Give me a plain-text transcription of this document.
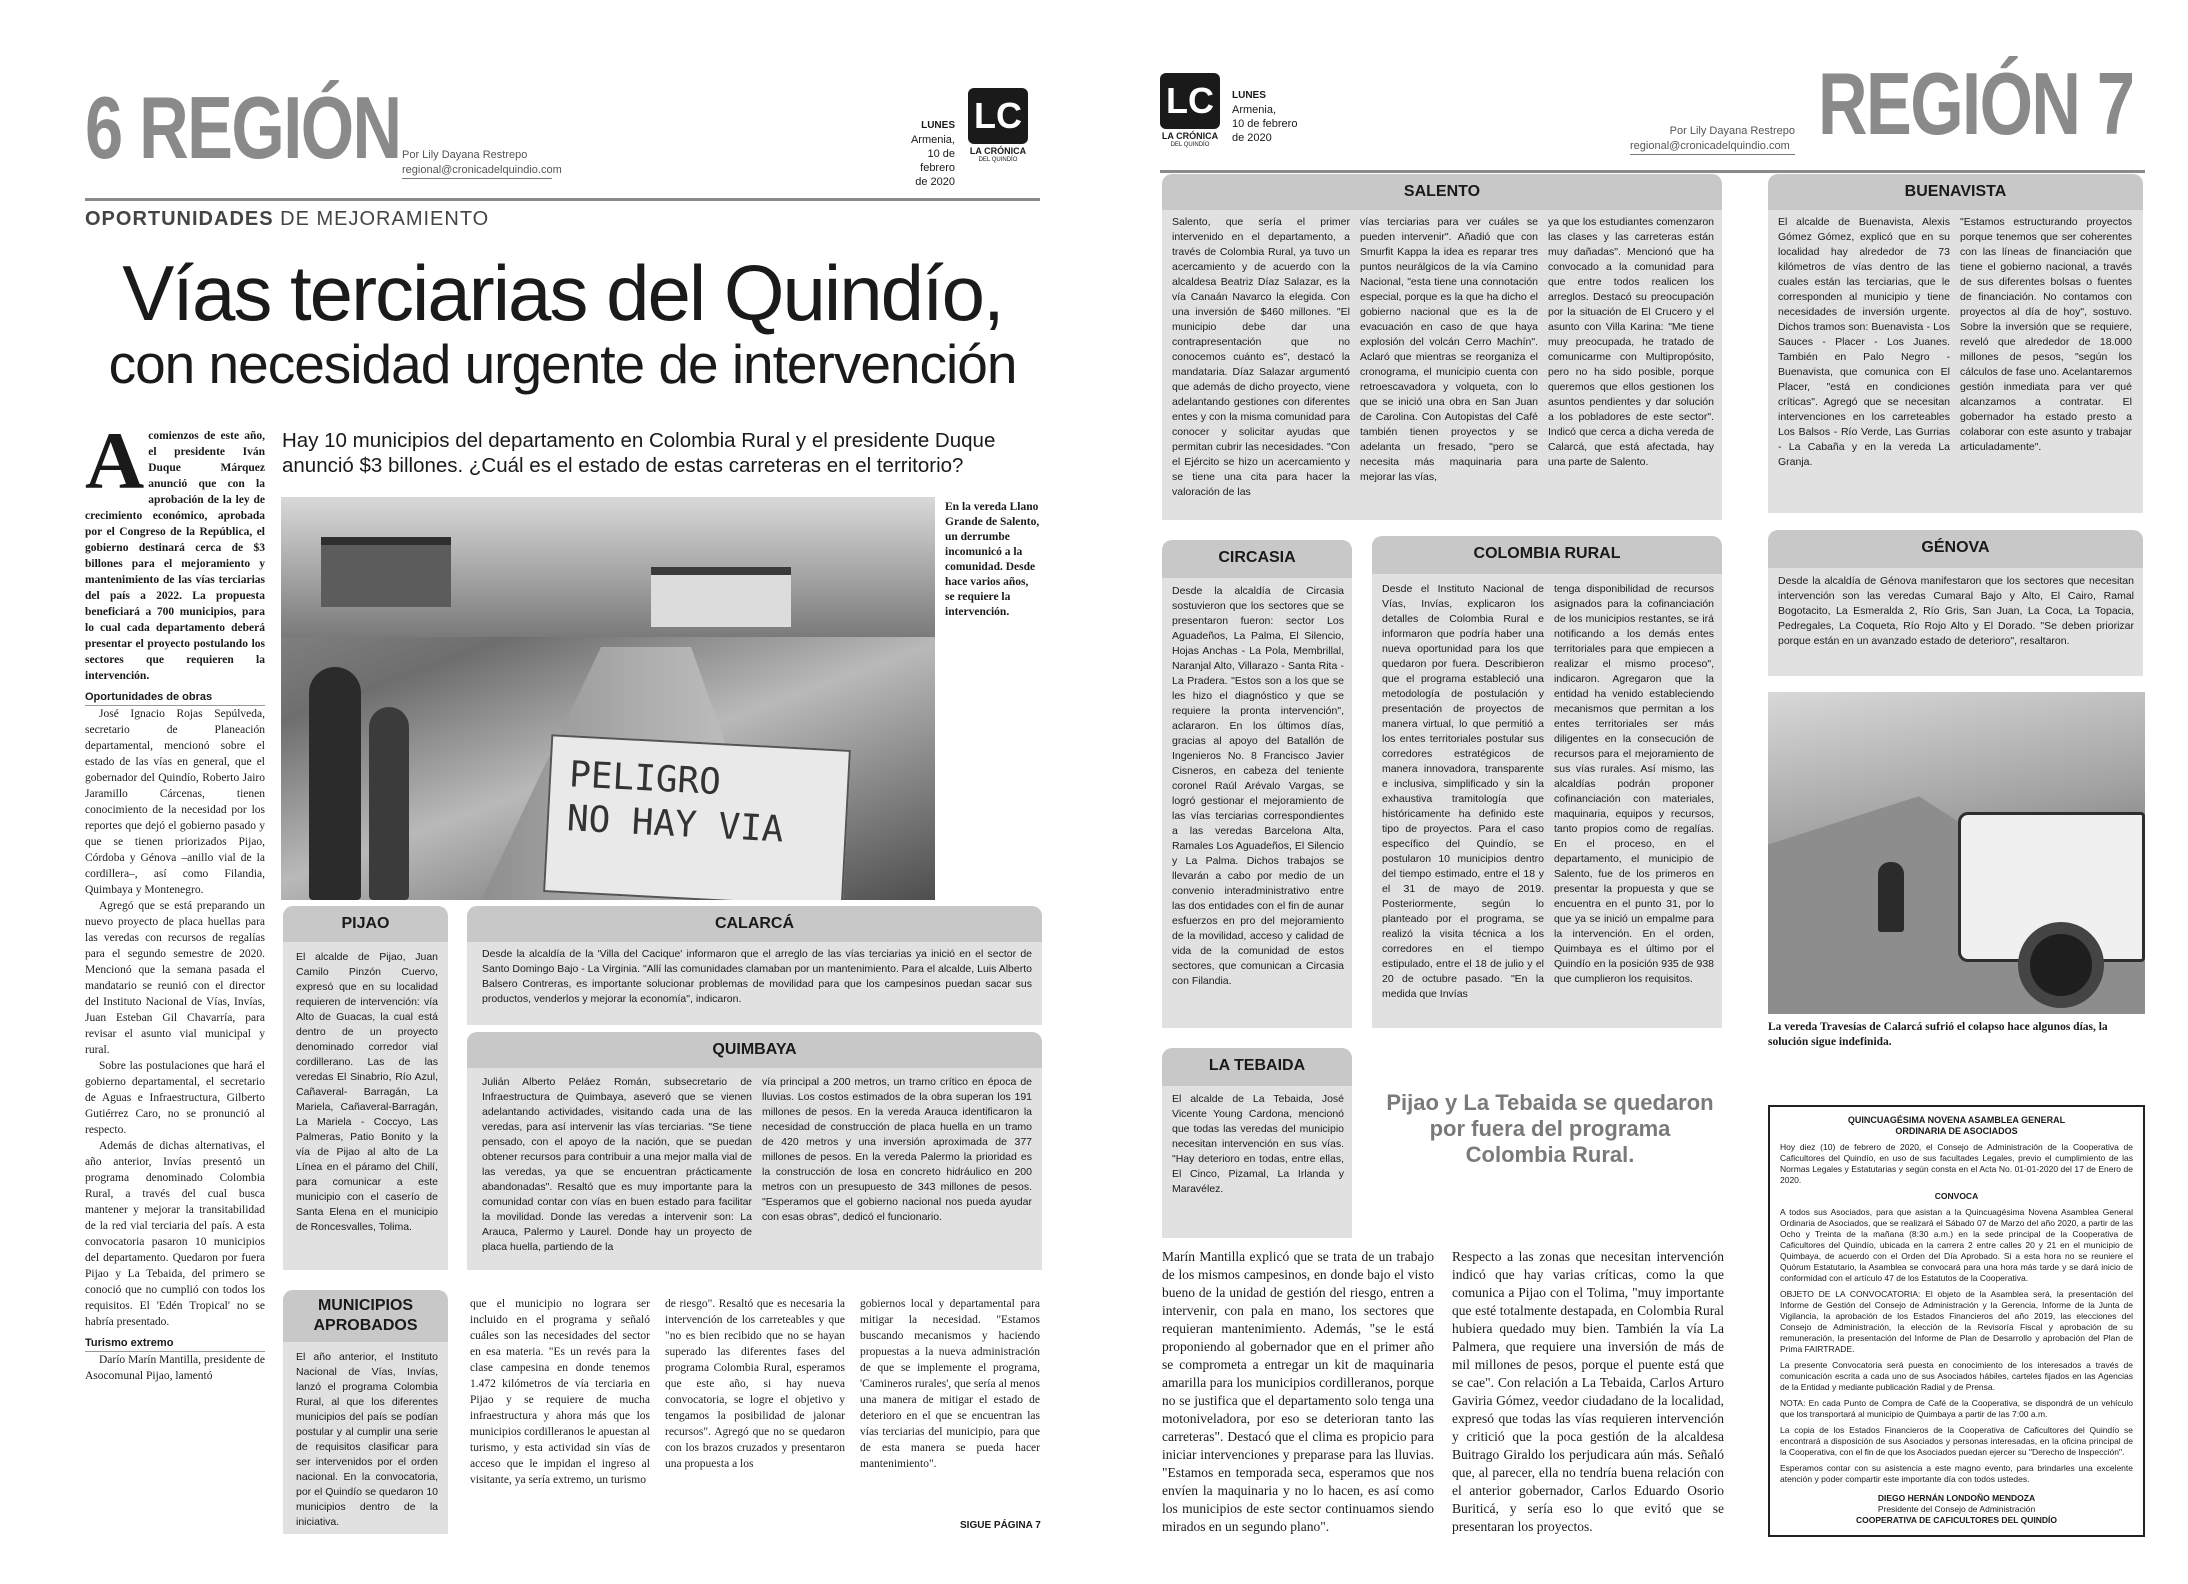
6 REGIÓN Por Lily Dayana Restrepo
regional@cronicadelquindio.com
LUNES
Armenia,
10 de febrero
de 2020
LC
LA CRÓNICA
DEL QUINDÍO
OPORTUNIDADES DE MEJORAMIENTO
Vías terciarias del Quindío,
con necesidad urgente de intervención
A comienzos de este año, el presidente Iván Duque Márquez anunció que con la aprobación de la ley de crecimiento económico, aprobada por el Congreso de la República, el gobierno destinará cerca de $3 billones para el mejoramiento y mantenimiento de las vías terciarias del país a 2022. La propuesta beneficiará a 700 municipios, para lo cual cada departamento deberá presentar el proyecto postulando los sectores que requieren la intervención.
Oportunidades de obras

José Ignacio Rojas Sepúlveda, secretario de Planeación departamental, mencionó sobre el estado de las vías en general, que el gobernador del Quindío, Roberto Jairo Jaramillo Cárcenas, tienen conocimiento de la necesidad por los reportes que dejó el gobierno pasado y que se tienen priorizados Pijao, Córdoba y Génova –anillo vial de la cordillera–, así como Filandia, Quimbaya y Montenegro.

Agregó que se está preparando un nuevo proyecto de placa huellas para las veredas con recursos de regalías para el segundo semestre de 2020. Mencionó que la semana pasada el mandatario se reunió con el director del Instituto Nacional de Vías, Invías, Juan Esteban Gil Chavarría, para revisar el asunto vial municipal y rural.

Sobre las postulaciones que hará el gobierno departamental, el secretario de Aguas e Infraestructura, Gilberto Gutiérrez Caro, no se pronunció al respecto.

Además de dichas alternativas, el año anterior, Invías presentó un programa denominado Colombia Rural, a través del cual busca mantener y mejorar la transitabilidad de la red vial terciaria del país. A esta convocatoria pasaron 10 municipios del departamento. Quedaron por fuera Pijao y La Tebaida, del primero se conoció que no cumplió con todos los requisitos. El 'Edén Tropical' no se habría presentado.

Turismo extremo

Darío Marín Mantilla, presidente de Asocomunal Pijao, lamentó

Hay 10 municipios del departamento en Colombia Rural y el presidente Duque anunció $3 billones. ¿Cuál es el estado de estas carreteras en el territorio?
PELIGRO
NO HAY VIA
En la vereda Llano Grande de Salento, un derrumbe incomunicó a la comunidad. Desde hace varios años, se requiere la intervención.
PIJAO
El alcalde de Pijao, Juan Camilo Pinzón Cuervo, expresó que en su localidad requieren de intervención: vía Alto de Guacas, la cual está dentro de un proyecto denominado corredor vial cordillerano. Las de las veredas El Sinabrio, Río Azul, Cañaveral- Barragán, La Mariela, Cañaveral-Barragán, La Mariela - Coccyo, Las Palmeras, Patio Bonito y la vía de Pijao al alto de La Línea en el páramo del Chilí, para comunicar a este municipio con el caserío de Santa Elena en el municipio de Roncesvalles, Tolima.
CALARCÁ
Desde la alcaldía de la 'Villa del Cacique' informaron que el arreglo de las vías terciarias ya inició en el sector de Santo Domingo Bajo - La Virginia. "Allí las comunidades clamaban por un mantenimiento. Para el alcalde, Luis Alberto Balsero Contreras, es importante solucionar problemas de movilidad para que los campesinos puedan sacar sus productos, venderlos y mejorar la economía", indicaron.
QUIMBAYA
Julián Alberto Peláez Román, subsecretario de Infraestructura de Quimbaya, aseveró que se vienen adelantando actividades, visitando cada una de las veredas, para así intervenir las vías terciarias. "Se tiene pensado, con el apoyo de la nación, que se puedan obtener recursos para contribuir a una mejor malla vial de las veredas, ya que se encuentran prácticamente abandonadas". Resaltó que es muy importante para la comunidad contar con vías en buen estado para facilitar la movilidad. Donde las veredas a intervenir son: La Arauca, Palermo y Laurel. Donde hay un proyecto de placa huella, partiendo de la
vía principal a 200 metros, un tramo crítico en época de lluvias. Los costos estimados de la obra superan los 191 millones de pesos. En la vereda Arauca identificaron la necesidad de construcción de placa huella en un tramo de 420 metros y una inversión aproximada de 377 millones de pesos. En la vereda Palermo la prioridad es la construcción de losa en concreto hidráulico en 200 metros con un presupuesto de 343 millones de pesos. "Esperamos que el gobierno nacional nos pueda ayudar con esas obras", dedicó el funcionario.
MUNICIPIOS
APROBADOS
El año anterior, el Instituto Nacional de Vías, Invías, lanzó el programa Colombia Rural, al que los diferentes municipios del país se podían postular y al cumplir una serie de requisitos clasificar para ser intervenidos por el orden nacional. En la convocatoria, por el Quindío se quedaron 10 municipios dentro de la iniciativa.
que el municipio no lograra ser incluido en el programa y señaló cuáles son las necesidades del sector en esa materia. "Es un revés para la clase campesina en donde tenemos 1.472 kilómetros de vía terciaria en Pijao y se requiere de mucha infraestructura y ahora más que los municipios cordilleranos le apuestan al turismo, y esta actividad sin vías de acceso que le impidan el ingreso al visitante, ya sería extremo, un turismo
de riesgo". Resaltó que es necesaria la intervención de los carreteables y que "no es bien recibido que no se hayan superado las diferentes fases del programa Colombia Rural, esperamos que este año, si hay nueva convocatoria, se logre el objetivo y tengamos la posibilidad de jalonar recursos". Agregó que no se quedaron con los brazos cruzados y presentaron una propuesta a los
gobiernos local y departamental para mitigar la necesidad. "Estamos buscando mecanismos y haciendo propuestas a la nueva administración de que se implemente el programa, 'Camineros rurales', que sería al menos una manera de mitigar el estado de deterioro en el que se encuentran las vías terciarias del municipio, para que de esta manera se pueda hacer mantenimiento".
SIGUE PÁGINA 7
LC
LA CRÓNICA
DEL QUINDÍO
LUNES
Armenia,
10 de febrero
de 2020
Por Lily Dayana Restrepo
regional@cronicadelquindio.com REGIÓN 7
SALENTO
Salento, que sería el primer intervenido en el departamento, a través de Colombia Rural, ya tuvo un acercamiento y de acuerdo con la alcaldesa Beatriz Díaz Salazar, es la vía Canaán Navarco la elegida. Con una inversión de $460 millones. "El municipio debe dar una contrapresentación que no conocemos cuánto es", destacó la mandataria. Díaz Salazar argumentó que además de dicho proyecto, viene adelantando gestiones con diferentes entes y con la misma comunidad para conocer y solicitar ayudas que permitan cubrir las necesidades. "Con el Ejército se hizo un acercamiento y se tiene una cita para hacer la valoración de las
vías terciarias para ver cuáles se pueden intervenir". Añadió que con Smurfit Kappa la idea es reparar tres puntos neurálgicos de la vía Camino Nacional, "esta tiene una connotación especial, porque es la que ha dicho el gobierno nacional que es la de evacuación en caso de que haya explosión del volcán Cerro Machín". Aclaró que mientras se reorganiza el cronograma, el municipio cuenta con retroescavadora y volqueta, con lo que se inició una obra en San Juan de Carolina. Con Autopistas del Café también tienen proyectos y se adelanta un fresado, "pero se necesita más maquinaria para mejorar las vías,
ya que los estudiantes comenzaron las clases y las carreteras están muy dañadas". Mencionó que ha convocado a la comunidad para que entre todos realicen los arreglos. Destacó su preocupación por la situación de El Crucero y el asunto con Villa Karina: "Me tiene muy preocupada, he tratado de comunicarme con Multipropósito, pero no ha sido posible, porque queremos que ellos gestionen los asuntos pendientes y dar solución a los pobladores de este sector". Indicó que cerca a dicha vereda de Calarcá, que está afectada, hay una parte de Salento.
BUENAVISTA
El alcalde de Buenavista, Alexis Gómez Gómez, explicó que en su localidad hay alrededor de 73 kilómetros de vías dentro de las cuales están las terciarias, que le corresponden al municipio y tiene necesidades de inversión urgente. Dichos tramos son: Buenavista - Los Sauces - Placer - Los Juanes. También en Palo Negro - Buenavista, que comunica con El Placer, "está en condiciones críticas". Agregó que se necesitan intervenciones en los carreteables Los Balsos - Río Verde, Las Gurrias - La Cabaña y en la vereda La Granja.
"Estamos estructurando proyectos porque tenemos que ser coherentes con las líneas de financiación que tiene el gobierno nacional, a través de sus diferentes bolsas o fuentes de financiación. No contamos con proyectos al día de hoy", sostuvo. Sobre la inversión que se requiere, reveló que alrededor de 18.000 millones de pesos, "según los cálculos de fase uno. Acelantaremos gestión inmediata para ver qué alcanzamos a contratar. El gobernador ha estado presto a colaborar con este asunto y trabajar articuladamente".
GÉNOVA
Desde la alcaldía de Génova manifestaron que los sectores que necesitan intervención son las veredas Cumaral Bajo y Alto, El Cairo, Ramal Bogotacito, La Esmeralda 2, Río Gris, San Juan, La Coca, La Topacia, Pedregales, La Coqueta, Río Rojo Alto y El Dorado. "Se deben priorizar porque están en un avanzado estado de deterioro", resaltaron.
CIRCASIA
Desde la alcaldía de Circasia sostuvieron que los sectores que se presentaron fueron: sector Los Aguadeños, La Palma, El Silencio, Hojas Anchas - La Pola, Membrillal, Naranjal Alto, Villarazo - Santa Rita - La Pradera. "Estos son a los que se les hizo el diagnóstico y que se requiere la pronta intervención", aclararon. En los últimos días, gracias al apoyo del Batallón de Ingenieros No. 8 Francisco Javier Cisneros, en cabeza del teniente coronel Raúl Arévalo Vargas, se logró gestionar el mejoramiento de las vías terciarias correspondientes a las veredas Barcelona Alta, Ramales Los Aguadeños, El Silencio y La Palma. Dichos trabajos se llevarán a cabo por medio de un convenio interadministrativo entre las dos entidades con el fin de aunar esfuerzos en pro del mejoramiento de la movilidad, acceso y calidad de vida de la comunidad de estos sectores, que comunican a Circasia con Filandia.
COLOMBIA RURAL
Desde el Instituto Nacional de Vías, Invías, explicaron los detalles de Colombia Rural e informaron que podría haber una nueva oportunidad para los que quedaron por fuera. Describieron que el programa estableció una metodología de postulación y presentación de proyectos de manera virtual, lo que permitió a los entes territoriales postular sus corredores estratégicos de manera innovadora, transparente e inclusiva, simplificado y sin la exhaustiva tramitología que históricamente ha definido este tipo de proyectos. Para el caso específico del Quindío, se postularon 10 municipios dentro del tiempo estimado, entre el 18 y el 31 de mayo de 2019. Posteriormente, según lo planteado por el programa, se realizó la visita técnica a los corredores en el tiempo estipulado, entre el 18 de julio y el 20 de octubre pasado. "En la medida que Invías
tenga disponibilidad de recursos asignados para la cofinanciación de los municipios restantes, se irá notificando a los demás entes territoriales para que empiecen a realizar el mismo proceso", indicaron. Agregaron que la entidad ha venido estableciendo mecanismos que permitan a los entes territoriales ser más diligentes en la consecución de recursos para el mejoramiento de sus vías rurales. Así mismo, las alcaldías podrán proponer cofinanciación con materiales, maquinaria, equipos y recursos, tanto propios como de regalías. En el proceso, en el departamento, el municipio de Salento, fue de los primeros en presentar la propuesta y que se encuentra en el punto 31, por lo que ya se inició un empalme para la intervención. En el orden, Quimbaya es el último por el Quindío en la posición 935 de 938 que cumplieron los requisitos.
LA TEBAIDA
El alcalde de La Tebaida, José Vicente Young Cardona, mencionó que todas las veredas del municipio necesitan intervención en sus vías. "Hay deterioro en todas, entre ellas, El Cinco, Pizamal, La Irlanda y Maravélez.
Pijao y La Tebaida se quedaron
por fuera del programa
Colombia Rural.
La vereda Travesías de Calarcá sufrió el colapso hace algunos días, la solución sigue indefinida.
Marín Mantilla explicó que se trata de un trabajo de los mismos campesinos, en donde bajo el visto bueno de la unidad de gestión del riesgo, entren a intervenir, con pala en mano, los sectores que requieran mantenimiento. Además, "se le está proponiendo al gobernador que en el primer año se comprometa a entregar un kit de maquinaria amarilla para los municipios cordilleranos, porque no se justifica que el departamento solo tenga una motoniveladora, por eso se deterioran tanto las carreteras". Destacó que el clima es propicio para iniciar intervenciones y preparase para las lluvias. "Estamos en temporada seca, esperamos que nos envíen la maquinaria y no lo hacen, es así como los municipios de este sector continuamos siendo mirados en un segundo plano".
Respecto a las zonas que necesitan intervención indicó que hay varias críticas, como la que comunica a Pijao con el Tolima, "muy importante que esté totalmente destapada, en Colombia Rural hubiera quedado muy bien. También la vía La Palmera, que requiere una inversión de más de mil millones de pesos, porque el puente está que se cae". Con relación a La Tebaida, Carlos Arturo Gaviria Gómez, veedor ciudadano de la localidad, expresó que todas las vías requieren intervención y critició que la poca gestión de la alcaldesa Buitrago Giraldo los perjudicara aún más. Señaló que, al parecer, ella no tendría buena relación con el anterior gobernador, Carlos Eduardo Osorio Buriticá, y sería eso lo que evitó que se presentaran los proyectos.
QUINCUAGÉSIMA NOVENA ASAMBLEA GENERAL
ORDINARIA DE ASOCIADOS

Hoy diez (10) de febrero de 2020, el Consejo de Administración de la Cooperativa de Caficultores del Quindío, en uso de sus facultades Legales, previo el cumplimiento de las Normas Legales y Estatutarias y según consta en el Acta No. 01-01-2020 del 17 de Enero de 2020.

CONVOCA

A todos sus Asociados, para que asistan a la Quincuagésima Novena Asamblea General Ordinaria de Asociados, que se realizará el Sábado 07 de Marzo del año 2020, a partir de las Ocho y Treinta de la mañana (8:30 a.m.) en la sede principal de la Cooperativa de Caficultores del Quindío, ubicada en la carrera 2 entre calles 20 y 21 en el municipio de Quimbaya, de acuerdo con el Orden del Día Aprobado. Si a esta hora no se reuniere el Quórum Estatutario, la Asamblea se convocará para una hora más tarde y se dará inicio de conformidad con el artículo 47 de los Estatutos de la Cooperativa.

OBJETO DE LA CONVOCATORIA: El objeto de la Asamblea será, la presentación del Informe de Gestión del Consejo de Administración y la Gerencia, Informe de la Junta de Vigilancia, la aprobación de los Estados Financieros del año 2019, las elecciones del Consejo de Administración, la elección de la Revisoría Fiscal y aprobación de su remuneración, la presentación del Informe de Plan de Desarrollo y aprobación del Plan de Prima FAIRTRADE.

La presente Convocatoria será puesta en conocimiento de los interesados a través de comunicación escrita a cada uno de sus Asociados hábiles, carteles fijados en las Agencias de la Entidad y mediante publicación Radial y de Prensa.

NOTA: En cada Punto de Compra de Café de la Cooperativa, se dispondrá de un vehículo que los transportará al municipio de Quimbaya a partir de las 7:00 a.m.

La copia de los Estados Financieros de la Cooperativa de Caficultores del Quindío se encontrará a disposición de sus Asociados y personas interesadas, en la oficina principal de la Cooperativa, con el fin de que los Asociados puedan ejercer su "Derecho de Inspección".

Esperamos contar con su asistencia a este magno evento, para brindarles una excelente atención y poder compartir este importante día con todos ustedes.

DIEGO HERNÁN LONDOÑO MENDOZA
Presidente del Consejo de Administración
COOPERATIVA DE CAFICULTORES DEL QUINDÍO
